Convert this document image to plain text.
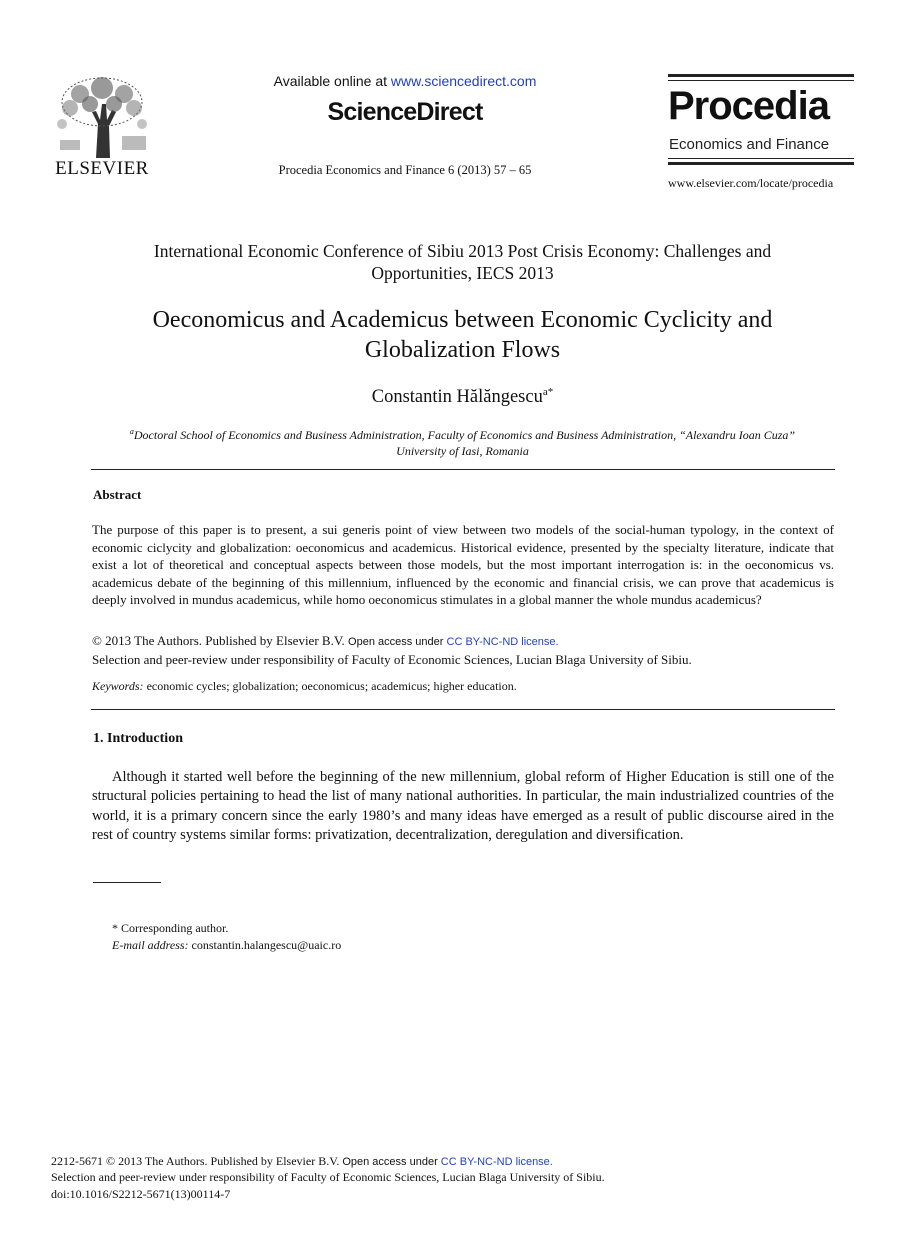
ELSEVIER
Available online at www.sciencedirect.com
ScienceDirect
Procedia Economics and Finance 6 (2013) 57 – 65
Procedia
Economics and Finance
www.elsevier.com/locate/procedia
International Economic Conference of Sibiu 2013 Post Crisis Economy: Challenges and
Opportunities, IECS 2013
Oeconomicus and Academicus between Economic Cyclicity and
Globalization Flows
Constantin Hălăngescu$^{a*}$
$^a$Doctoral School of Economics and Business Administration, Faculty of Economics and Business Administration, “Alexandru Ioan Cuza”
University of Iasi, Romania
Abstract
The purpose of this paper is to present, a sui generis point of view between two models of the social-human typology, in the context of economic ciclycity and globalization: oeconomicus and academicus. Historical evidence, presented by the specialty literature, indicate that exist a lot of theoretical and conceptual aspects between those models, but the most important interrogation is: in the oeconomicus vs. academicus debate of the beginning of this millennium, influenced by the economic and financial crisis, we can prove that academicus is deeply involved in mundus academicus, while homo oeconomicus stimulates in a global manner the whole mundus academicus?
© 2013 The Authors. Published by Elsevier B.V. Open access under CC BY-NC-ND license.
Selection and peer-review under responsibility of Faculty of Economic Sciences, Lucian Blaga University of Sibiu.
Keywords: economic cycles; globalization; oeconomicus; academicus; higher education.
1. Introduction
Although it started well before the beginning of the new millennium, global reform of Higher Education is still one of the structural policies pertaining to head the list of many national authorities. In particular, the main industrialized countries of the world, it is a primary concern since the early 1980’s and many ideas have emerged as a result of public discourse aired in the rest of country systems similar forms: privatization, decentralization, deregulation and diversification.
* Corresponding author.
E-mail address: constantin.halangescu@uaic.ro
2212-5671 © 2013 The Authors. Published by Elsevier B.V. Open access under CC BY-NC-ND license.
Selection and peer-review under responsibility of Faculty of Economic Sciences, Lucian Blaga University of Sibiu.
doi:10.1016/S2212-5671(13)00114-7
